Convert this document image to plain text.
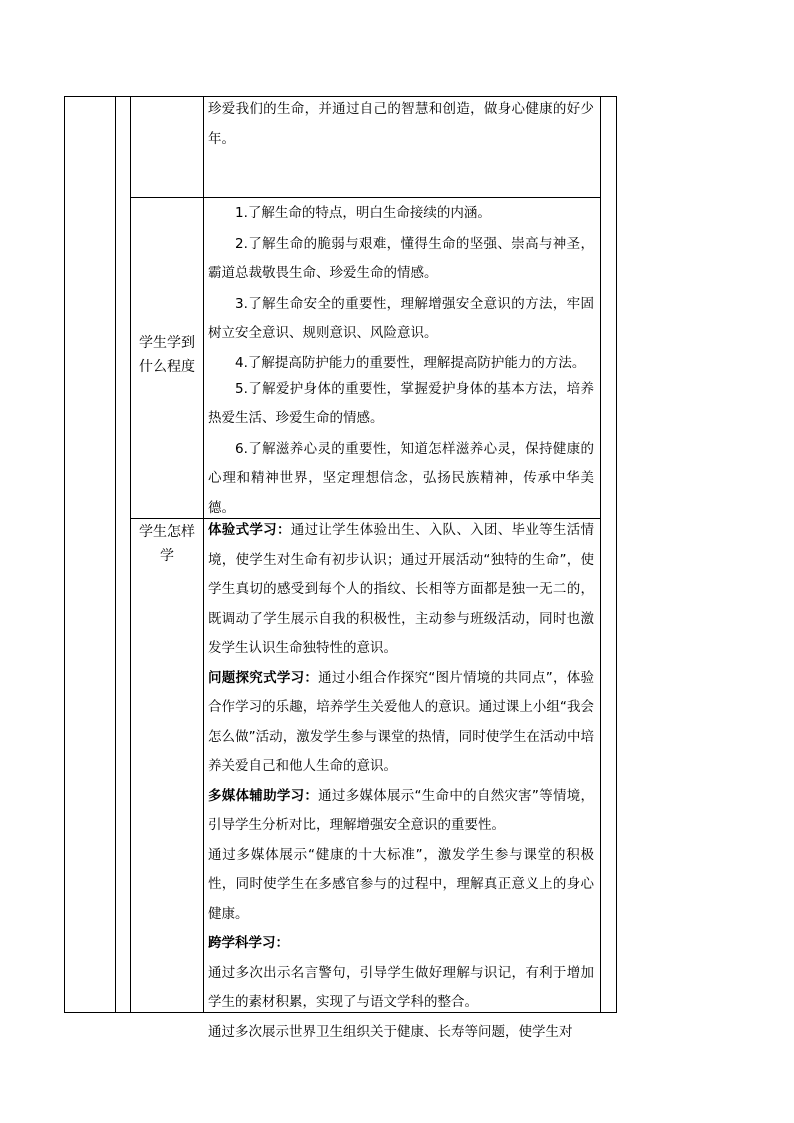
珍爱我们的生命，并通过自己的智慧和创造，做身心健康的好少年。

学生学到
什么程度

1.了解生命的特点，明白生命接续的内涵。

2.了解生命的脆弱与艰难，懂得生命的坚强、崇高与神圣，霸道总裁敬畏生命、珍爱生命的情感。

3.了解生命安全的重要性，理解增强安全意识的方法，牢固树立安全意识、规则意识、风险意识。

4.了解提高防护能力的重要性，理解提高防护能力的方法。

5.了解爱护身体的重要性，掌握爱护身体的基本方法，培养热爱生活、珍爱生命的情感。

6.了解滋养心灵的重要性，知道怎样滋养心灵，保持健康的心理和精神世界，坚定理想信念，弘扬民族精神，传承中华美德。

学生怎样
学

体验式学习：通过让学生体验出生、入队、入团、毕业等生活情境，使学生对生命有初步认识；通过开展活动“独特的生命”，使学生真切的感受到每个人的指纹、长相等方面都是独一无二的，既调动了学生展示自我的积极性，主动参与班级活动，同时也激发学生认识生命独特性的意识。

问题探究式学习：通过小组合作探究“图片情境的共同点”，体验合作学习的乐趣，培养学生关爱他人的意识。通过课上小组“我会怎么做”活动，激发学生参与课堂的热情，同时使学生在活动中培养关爱自己和他人生命的意识。

多媒体辅助学习：通过多媒体展示“生命中的自然灾害”等情境，引导学生分析对比，理解增强安全意识的重要性。

通过多媒体展示“健康的十大标准”，激发学生参与课堂的积极性，同时使学生在多感官参与的过程中，理解真正意义上的身心健康。

跨学科学习：

通过多次出示名言警句，引导学生做好理解与识记，有利于增加学生的素材积累，实现了与语文学科的整合。

通过多次展示世界卫生组织关于健康、长寿等问题，使学生对
